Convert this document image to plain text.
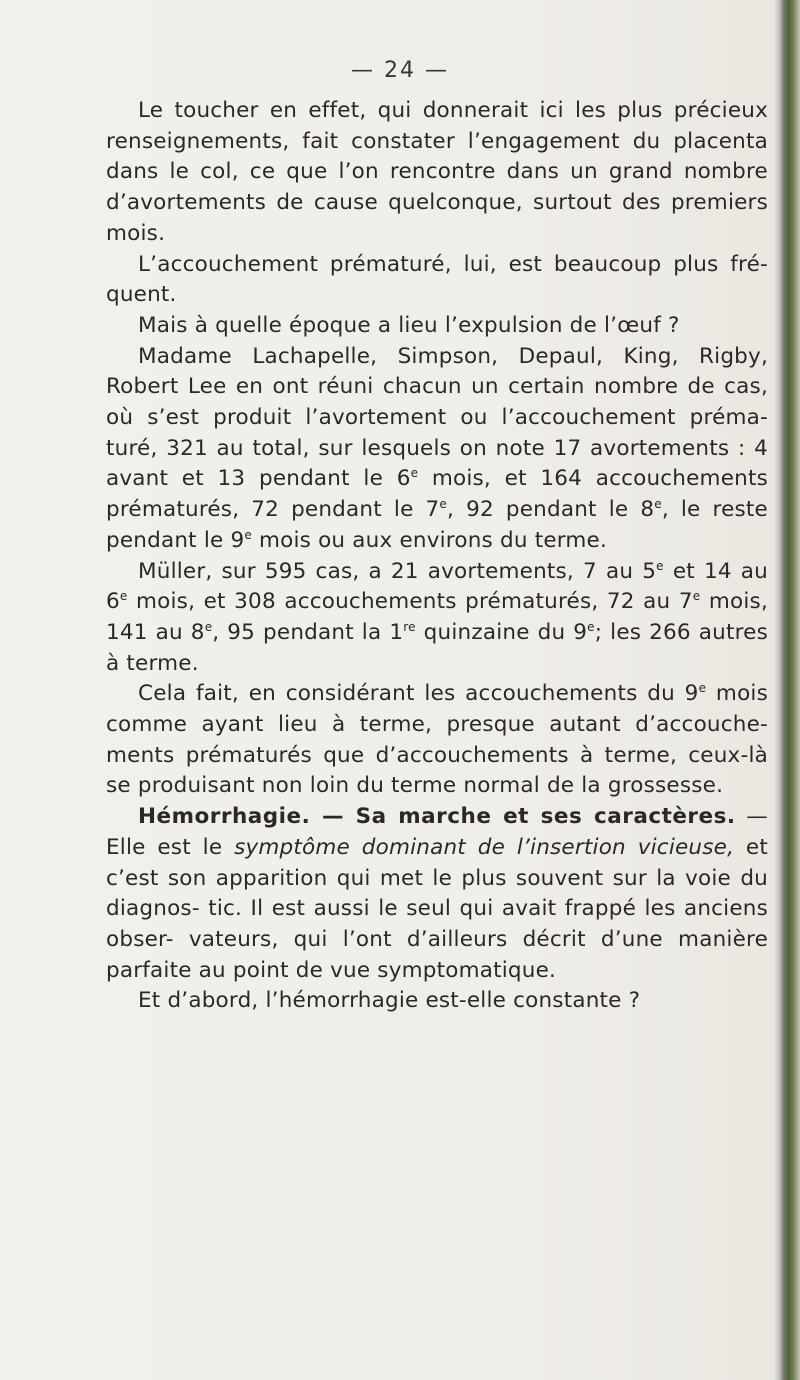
— 24 —

Le toucher en effet, qui donnerait ici les plus précieux renseignements, fait constater l’engagement du placenta dans le col, ce que l’on rencontre dans un grand nombre d’avortements de cause quelconque, surtout des premiers mois.

L’accouchement prématuré, lui, est beaucoup plus fré- quent.

Mais à quelle époque a lieu l’expulsion de l’œuf ?

Madame Lachapelle, Simpson, Depaul, King, Rigby, Robert Lee en ont réuni chacun un certain nombre de cas, où s’est produit l’avortement ou l’accouchement préma- turé, 321 au total, sur lesquels on note 17 avortements : 4 avant et 13 pendant le 6e mois, et 164 accouchements prématurés, 72 pendant le 7e, 92 pendant le 8e, le reste pendant le 9e mois ou aux environs du terme.

Müller, sur 595 cas, a 21 avortements, 7 au 5e et 14 au 6e mois, et 308 accouchements prématurés, 72 au 7e mois, 141 au 8e, 95 pendant la 1re quinzaine du 9e; les 266 autres à terme.

Cela fait, en considérant les accouchements du 9e mois comme ayant lieu à terme, presque autant d’accouche- ments prématurés que d’accouchements à terme, ceux-là se produisant non loin du terme normal de la grossesse.

Hémorrhagie. — Sa marche et ses caractères. — Elle est le symptôme dominant de l’insertion vicieuse, et c’est son apparition qui met le plus souvent sur la voie du diagnos- tic. Il est aussi le seul qui avait frappé les anciens obser- vateurs, qui l’ont d’ailleurs décrit d’une manière parfaite au point de vue symptomatique.

Et d’abord, l’hémorrhagie est-elle constante ?
